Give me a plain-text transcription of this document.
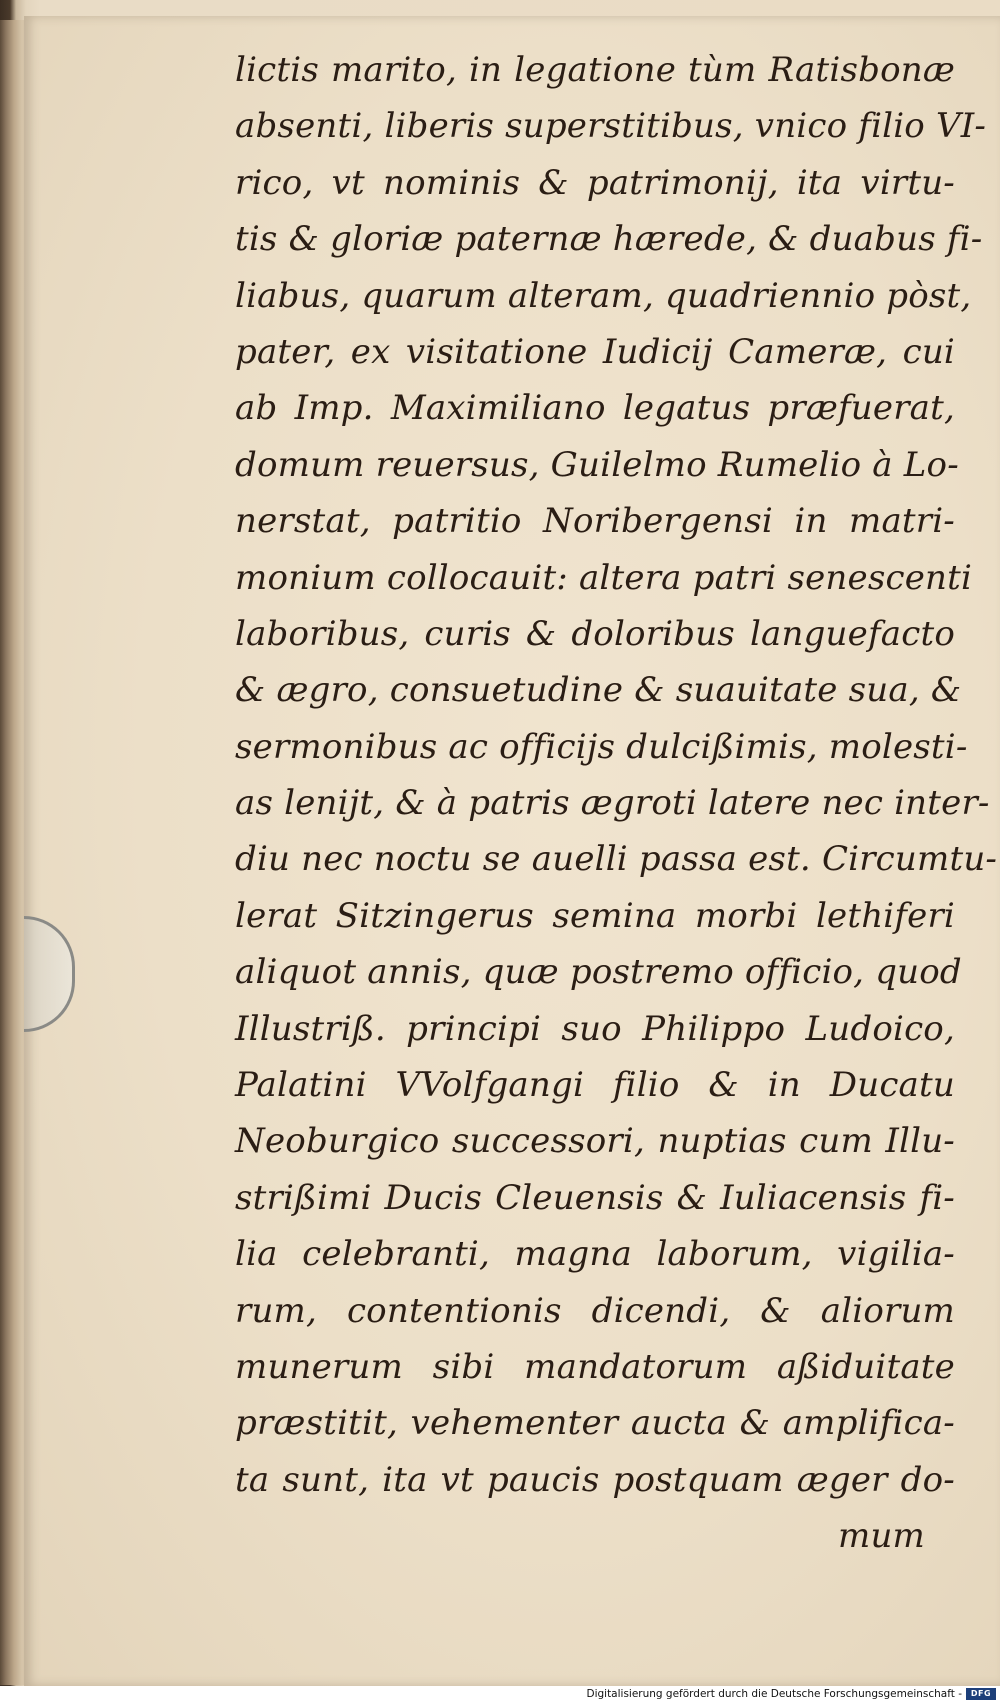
lictis marito, in legatione tùm Ratisbonæ
absenti, liberis superstitibus, vnico filio VI-
rico, vt nominis & patrimonij, ita virtu-
tis & gloriæ paternæ hærede, & duabus fi-
liabus, quarum alteram, quadriennio pòst,
pater, ex visitatione Iudicij Cameræ, cui
ab Imp. Maximiliano legatus præfuerat,
domum reuersus, Guilelmo Rumelio à Lo-
nerstat, patritio Noribergensi in matri-
monium collocauit: altera patri senescenti
laboribus, curis & doloribus languefacto
& ægro, consuetudine & suauitate sua, &
sermonibus ac officijs dulcißimis, molesti-
as lenijt, & à patris ægroti latere nec inter-
diu nec noctu se auelli passa est. Circumtu-
lerat Sitzingerus semina morbi lethiferi
aliquot annis, quæ postremo officio, quod
Illustriß. principi suo Philippo Ludoico,
Palatini VVolfgangi filio & in Ducatu
Neoburgico successori, nuptias cum Illu-
strißimi Ducis Cleuensis & Iuliacensis fi-
lia celebranti, magna laborum, vigilia-
rum, contentionis dicendi, & aliorum
munerum sibi mandatorum aßiduitate
præstitit, vehementer aucta & amplifica-
ta sunt, ita vt paucis postquam æger do-
mum
Digitalisierung gefördert durch die Deutsche Forschungsgemeinschaft -	DFG
